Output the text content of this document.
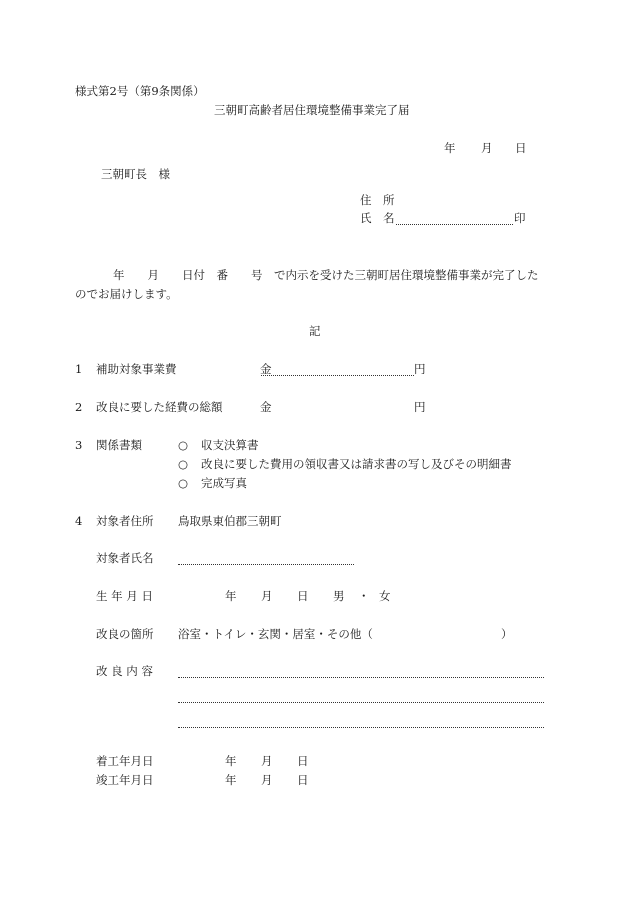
様式第2号（第9条関係）
三朝町高齢者居住環境整備事業完了届
年 月 日
三朝町長　様
住　所
氏　名	印
年　　月　　日付　番　　号　で内示を受けた三朝町居住環境整備事業が完了した
のでお届けします。
記
1 補助対象事業費	金	円
2 改良に要した経費の総額	金	円
3 関係書類	○ 収支決算書
○ 改良に要した費用の領収書又は請求書の写し及びその明細書
○ 完成写真
4 対象者住所 鳥取県東伯郡三朝町
対象者氏名
生 年 月 日	年 月 日 男 ・ 女
改良の箇所 浴室・トイレ・玄関・居室・その他（	）
改 良 内 容
着工年月日	年 月 日
竣工年月日	年 月 日
